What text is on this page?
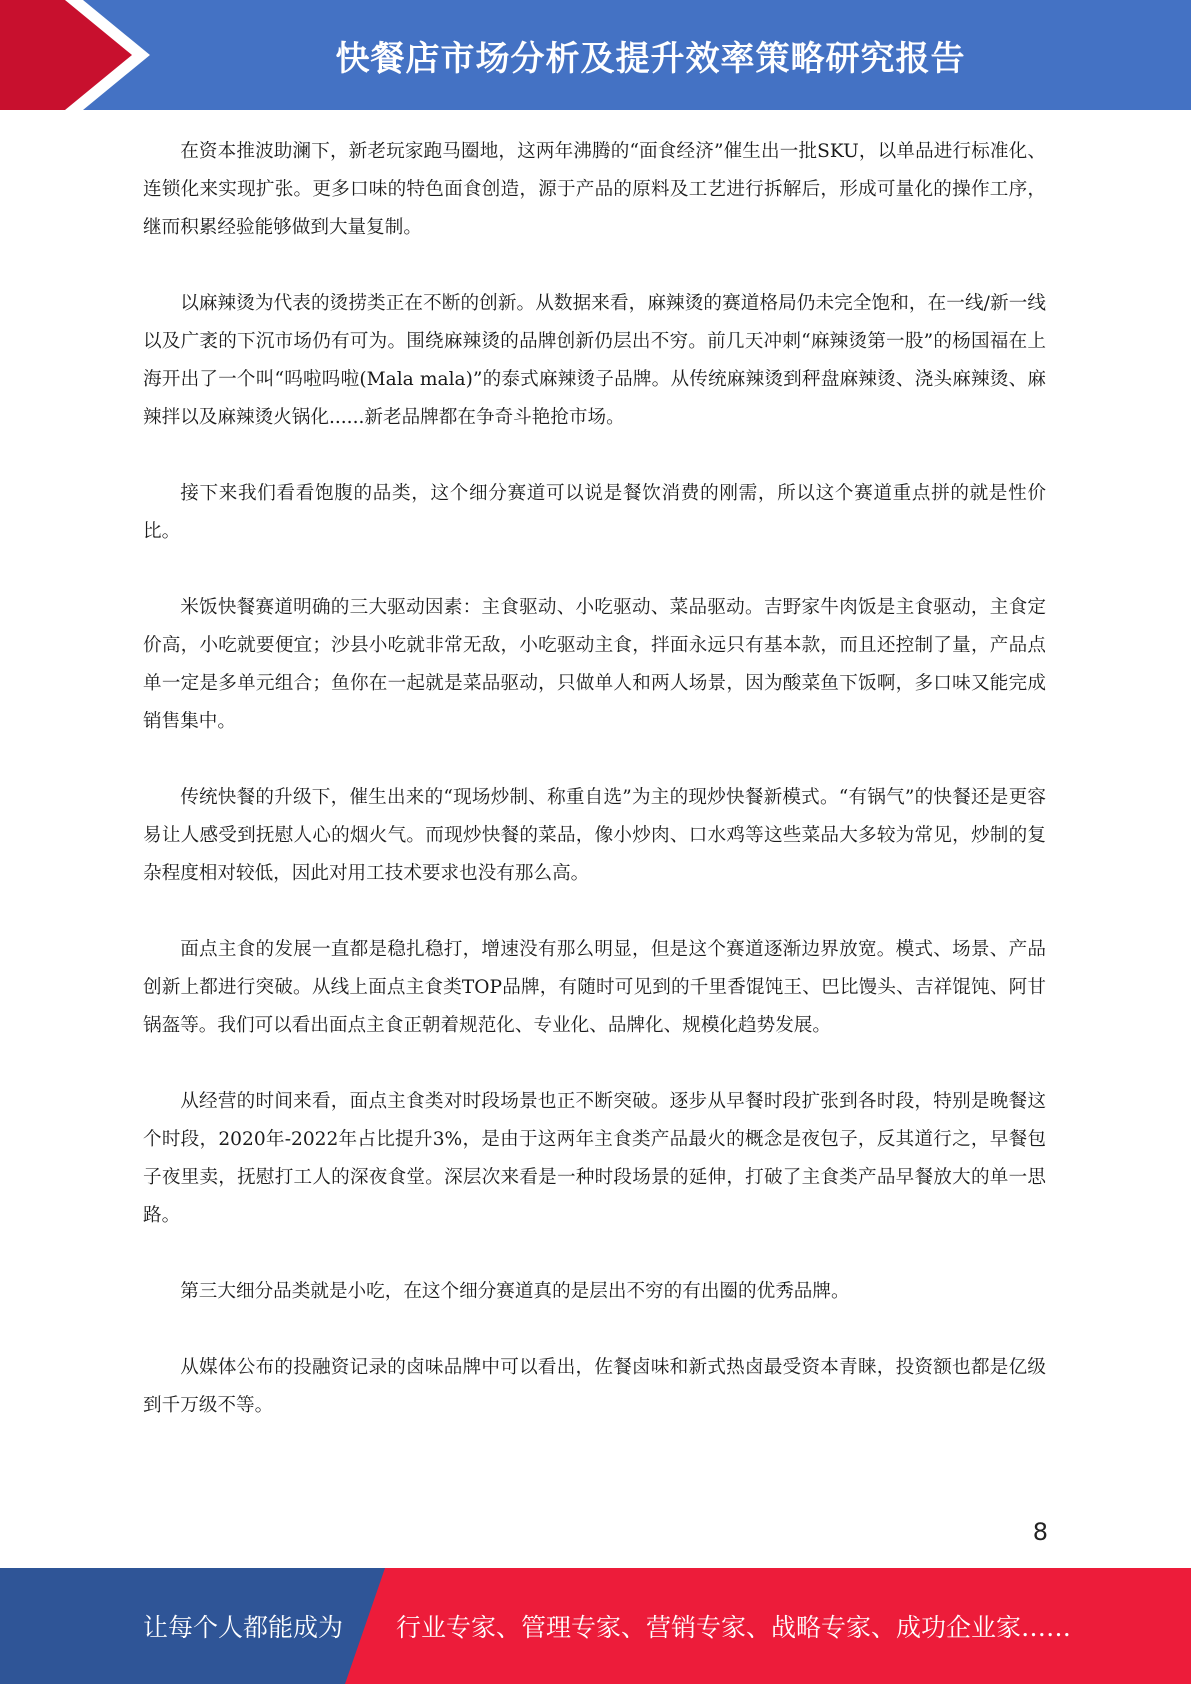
快餐店市场分析及提升效率策略研究报告

在资本推波助澜下，新老玩家跑马圈地，这两年沸腾的“面食经济”催生出一批SKU，以单品进行标准化、连锁化来实现扩张。更多口味的特色面食创造，源于产品的原料及工艺进行拆解后，形成可量化的操作工序，继而积累经验能够做到大量复制。

以麻辣烫为代表的烫捞类正在不断的创新。从数据来看，麻辣烫的赛道格局仍未完全饱和，在一线/新一线以及广袤的下沉市场仍有可为。围绕麻辣烫的品牌创新仍层出不穷。前几天冲刺“麻辣烫第一股”的杨国福在上海开出了一个叫“吗啦吗啦(Mala mala)”的泰式麻辣烫子品牌。从传统麻辣烫到秤盘麻辣烫、浇头麻辣烫、麻辣拌以及麻辣烫火锅化......新老品牌都在争奇斗艳抢市场。

接下来我们看看饱腹的品类，这个细分赛道可以说是餐饮消费的刚需，所以这个赛道重点拼的就是性价比。

米饭快餐赛道明确的三大驱动因素：主食驱动、小吃驱动、菜品驱动。吉野家牛肉饭是主食驱动，主食定价高，小吃就要便宜；沙县小吃就非常无敌，小吃驱动主食，拌面永远只有基本款，而且还控制了量，产品点单一定是多单元组合；鱼你在一起就是菜品驱动，只做单人和两人场景，因为酸菜鱼下饭啊，多口味又能完成销售集中。

传统快餐的升级下，催生出来的“现场炒制、称重自选”为主的现炒快餐新模式。“有锅气”的快餐还是更容易让人感受到抚慰人心的烟火气。而现炒快餐的菜品，像小炒肉、口水鸡等这些菜品大多较为常见，炒制的复杂程度相对较低，因此对用工技术要求也没有那么高。

面点主食的发展一直都是稳扎稳打，增速没有那么明显，但是这个赛道逐渐边界放宽。模式、场景、产品创新上都进行突破。从线上面点主食类TOP品牌，有随时可见到的千里香馄饨王、巴比馒头、吉祥馄饨、阿甘锅盔等。我们可以看出面点主食正朝着规范化、专业化、品牌化、规模化趋势发展。

从经营的时间来看，面点主食类对时段场景也正不断突破。逐步从早餐时段扩张到各时段，特别是晚餐这个时段，2020年-2022年占比提升3%，是由于这两年主食类产品最火的概念是夜包子，反其道行之，早餐包子夜里卖，抚慰打工人的深夜食堂。深层次来看是一种时段场景的延伸，打破了主食类产品早餐放大的单一思路。

第三大细分品类就是小吃，在这个细分赛道真的是层出不穷的有出圈的优秀品牌。

从媒体公布的投融资记录的卤味品牌中可以看出，佐餐卤味和新式热卤最受资本青睐，投资额也都是亿级到千万级不等。

8
让每个人都能成为 行业专家、管理专家、营销专家、战略专家、成功企业家……
